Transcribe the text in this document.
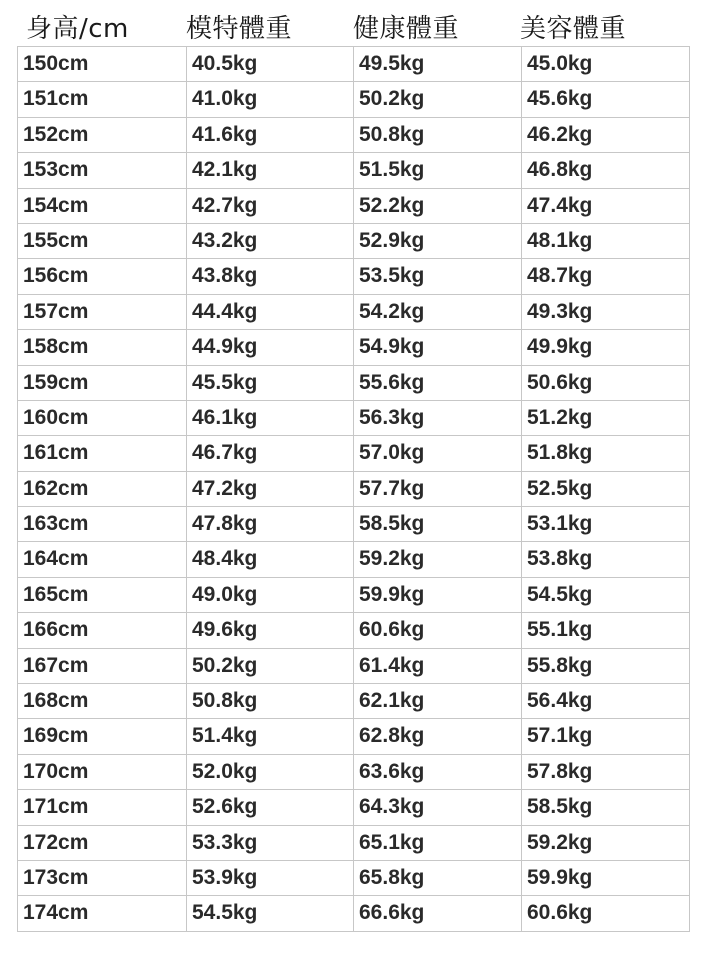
身高/cm 模特體重 健康體重 美容體重
150cm	40.5kg	49.5kg	45.0kg
151cm	41.0kg	50.2kg	45.6kg
152cm	41.6kg	50.8kg	46.2kg
153cm	42.1kg	51.5kg	46.8kg
154cm	42.7kg	52.2kg	47.4kg
155cm	43.2kg	52.9kg	48.1kg
156cm	43.8kg	53.5kg	48.7kg
157cm	44.4kg	54.2kg	49.3kg
158cm	44.9kg	54.9kg	49.9kg
159cm	45.5kg	55.6kg	50.6kg
160cm	46.1kg	56.3kg	51.2kg
161cm	46.7kg	57.0kg	51.8kg
162cm	47.2kg	57.7kg	52.5kg
163cm	47.8kg	58.5kg	53.1kg
164cm	48.4kg	59.2kg	53.8kg
165cm	49.0kg	59.9kg	54.5kg
166cm	49.6kg	60.6kg	55.1kg
167cm	50.2kg	61.4kg	55.8kg
168cm	50.8kg	62.1kg	56.4kg
169cm	51.4kg	62.8kg	57.1kg
170cm	52.0kg	63.6kg	57.8kg
171cm	52.6kg	64.3kg	58.5kg
172cm	53.3kg	65.1kg	59.2kg
173cm	53.9kg	65.8kg	59.9kg
174cm	54.5kg	66.6kg	60.6kg
